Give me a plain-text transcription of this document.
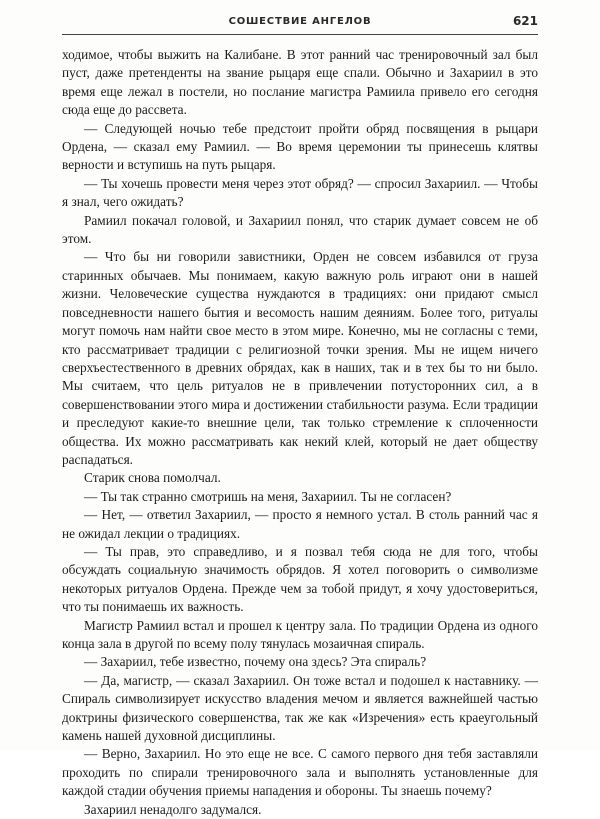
СОШЕСТВИЕ АНГЕЛОВ	621

ходимое, чтобы выжить на Калибане. В этот ранний час тренировочный зал был пуст, даже претенденты на звание рыцаря еще спали. Обычно и Захариил в это время еще лежал в постели, но послание магистра Рамиила привело его сегодня сюда еще до рассвета.

— Следующей ночью тебе предстоит пройти обряд посвящения в рыцари Ордена, — сказал ему Рамиил. — Во время церемонии ты принесешь клятвы верности и вступишь на путь рыцаря.

— Ты хочешь провести меня через этот обряд? — спросил Захариил. — Чтобы я знал, чего ожидать?

Рамиил покачал головой, и Захариил понял, что старик думает совсем не об этом.

— Что бы ни говорили завистники, Орден не совсем избавился от груза старинных обычаев. Мы понимаем, какую важную роль играют они в нашей жизни. Человеческие существа нуждаются в традициях: они придают смысл повседневности нашего бытия и весомость нашим деяниям. Более того, ритуалы могут помочь нам найти свое место в этом мире. Конечно, мы не согласны с теми, кто рассматривает традиции с религиозной точки зрения. Мы не ищем ничего сверхъестественного в древних обрядах, как в наших, так и в тех бы то ни было. Мы считаем, что цель ритуалов не в привлечении потусторонних сил, а в совершенствовании этого мира и достижении стабильности разума. Если традиции и преследуют какие-то внешние цели, так только стремление к сплоченности общества. Их можно рассматривать как некий клей, который не дает обществу распадаться.

Старик снова помолчал.

— Ты так странно смотришь на меня, Захариил. Ты не согласен?

— Нет, — ответил Захариил, — просто я немного устал. В столь ранний час я не ожидал лекции о традициях.

— Ты прав, это справедливо, и я позвал тебя сюда не для того, чтобы обсуждать социальную значимость обрядов. Я хотел поговорить о символизме некоторых ритуалов Ордена. Прежде чем за тобой придут, я хочу удостовериться, что ты понимаешь их важность.

Магистр Рамиил встал и прошел к центру зала. По традиции Ордена из одного конца зала в другой по всему полу тянулась мозаичная спираль.

— Захариил, тебе известно, почему она здесь? Эта спираль?

— Да, магистр, — сказал Захариил. Он тоже встал и подошел к наставнику. — Спираль символизирует искусство владения мечом и является важнейшей частью доктрины физического совершенства, так же как «Изречения» есть краеугольный камень нашей духовной дисциплины.

— Верно, Захариил. Но это еще не все. С самого первого дня тебя заставляли проходить по спирали тренировочного зала и выполнять установленные для каждой стадии обучения приемы нападения и обороны. Ты знаешь почему?

Захариил ненадолго задумался.
